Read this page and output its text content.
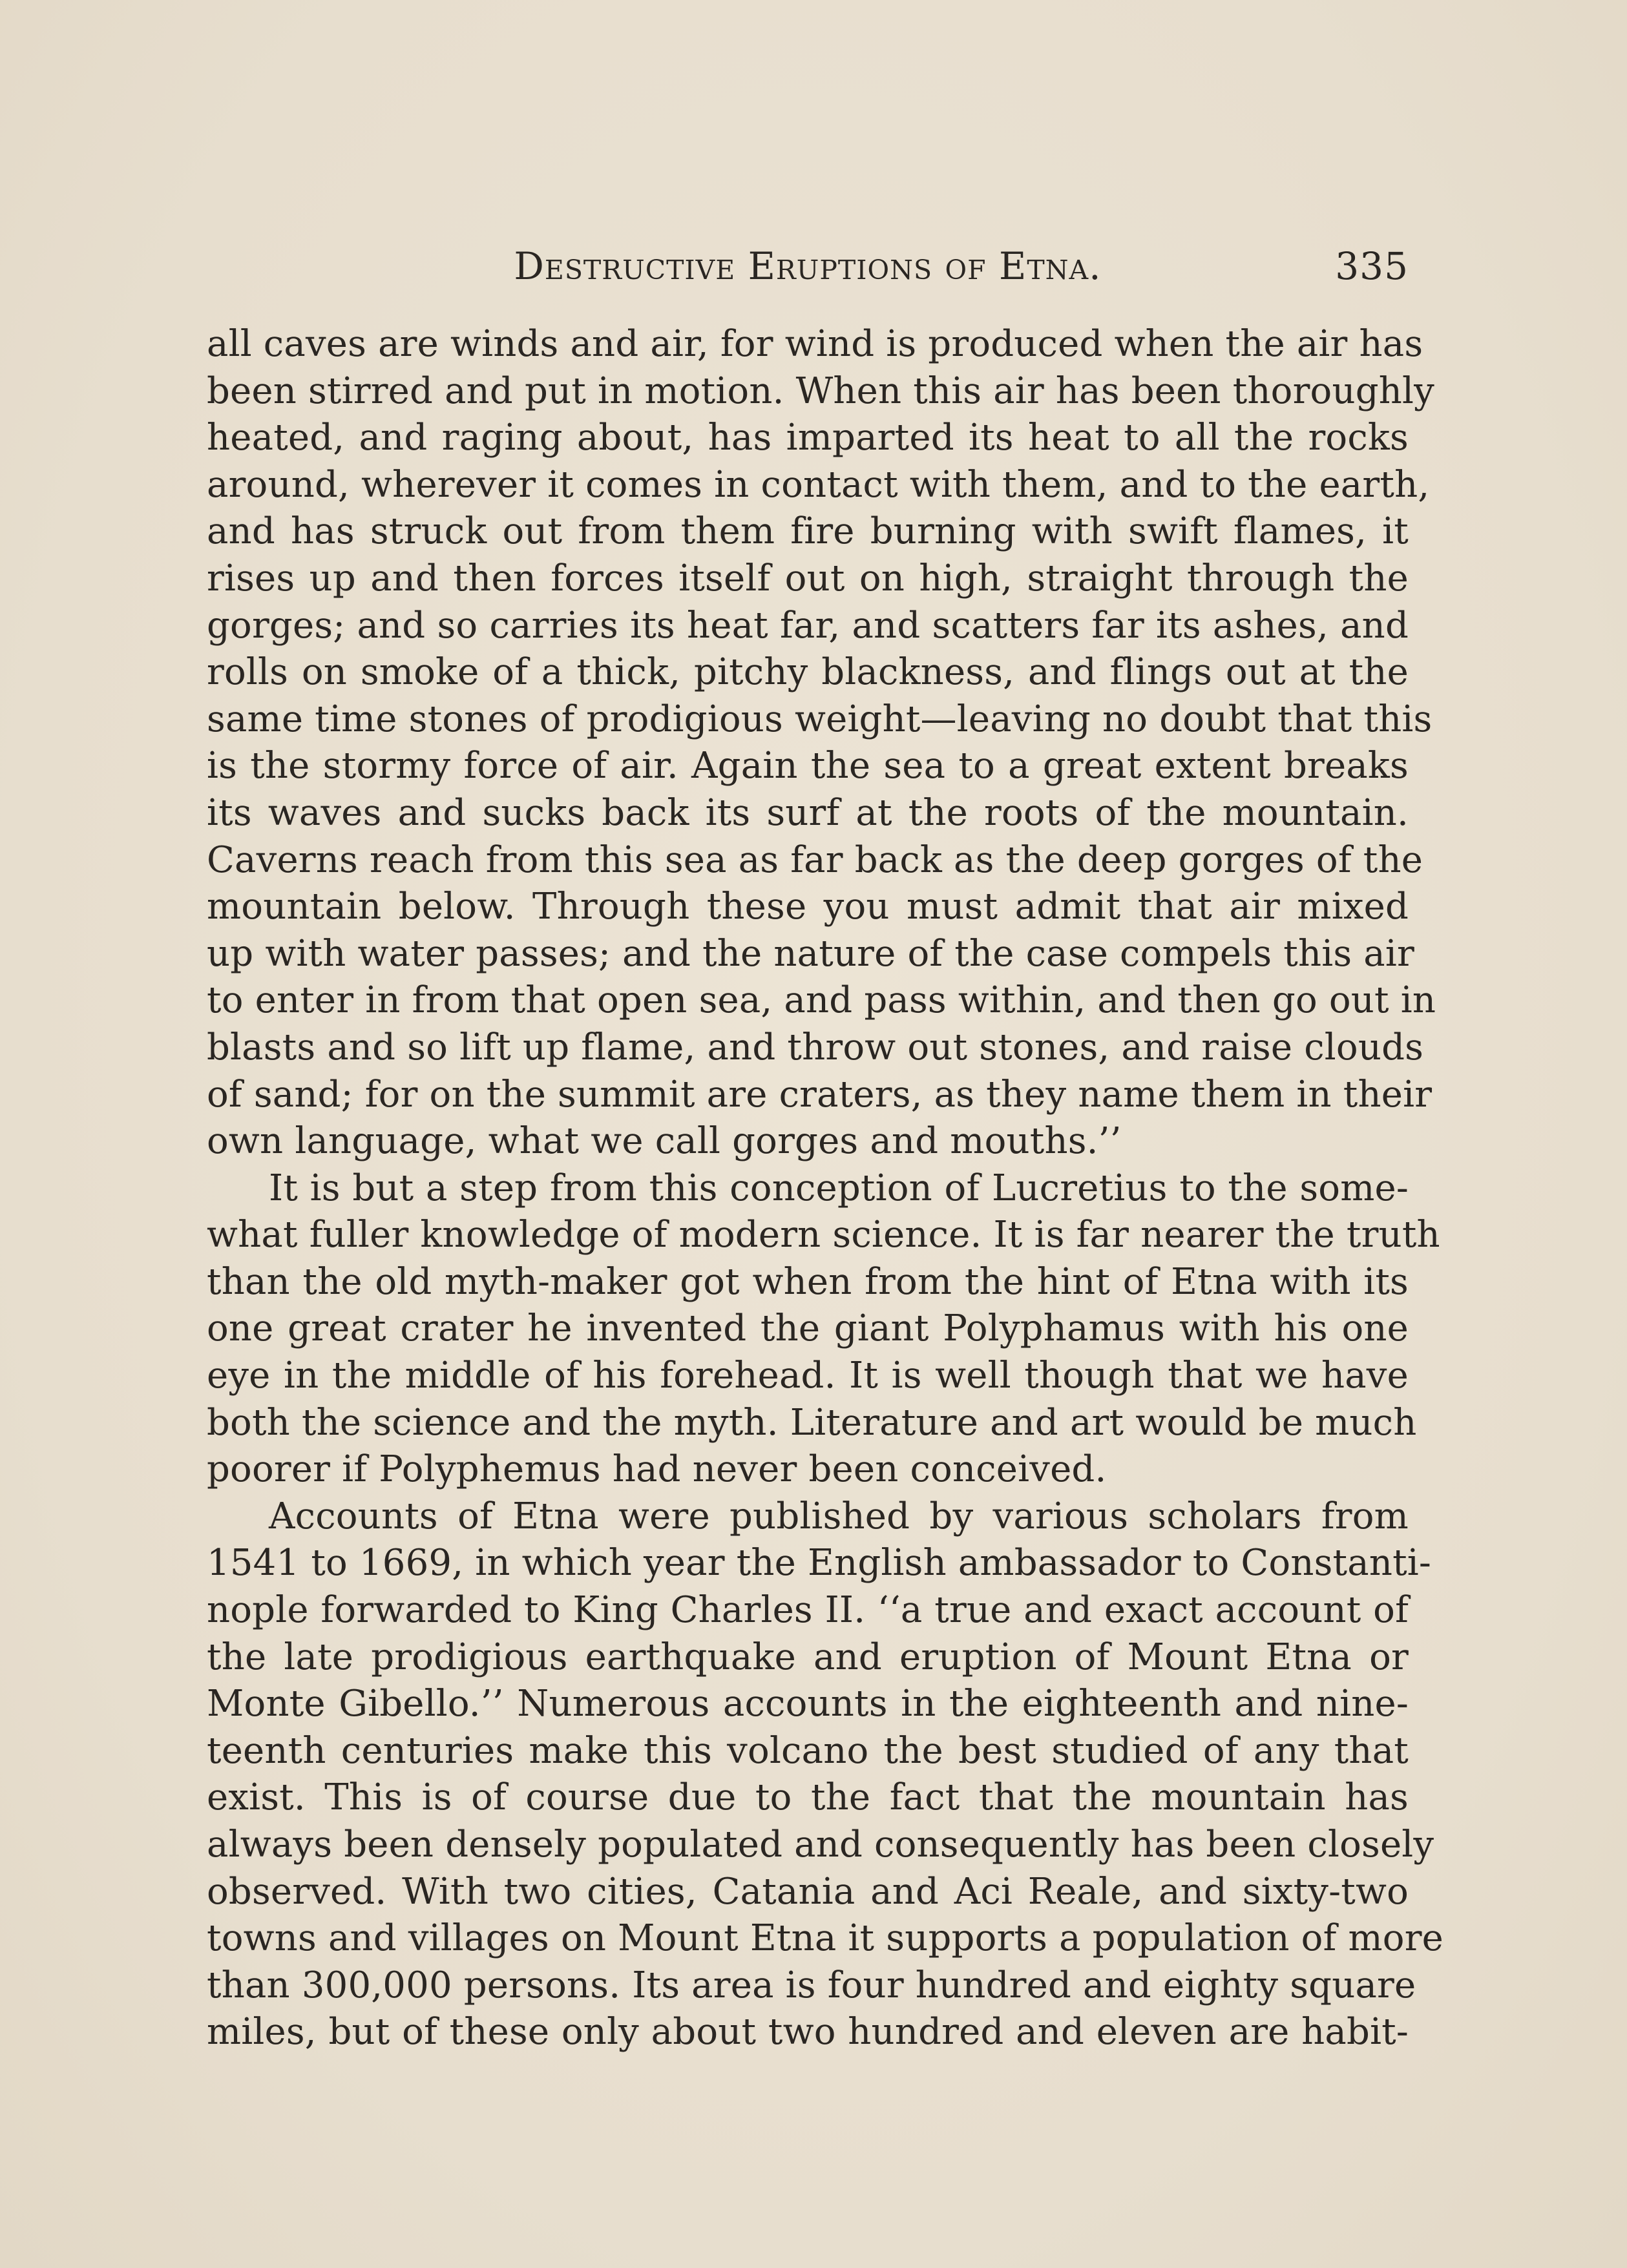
Destructive Eruptions of Etna.	335
all caves are winds and air, for wind is produced when the air has
been stirred and put in motion. When this air has been thoroughly
heated, and raging about, has imparted its heat to all the rocks
around, wherever it comes in contact with them, and to the earth,
and has struck out from them fire burning with swift flames, it
rises up and then forces itself out on high, straight through the
gorges; and so carries its heat far, and scatters far its ashes, and
rolls on smoke of a thick, pitchy blackness, and flings out at the
same time stones of prodigious weight—leaving no doubt that this
is the stormy force of air. Again the sea to a great extent breaks
its waves and sucks back its surf at the roots of the mountain.
Caverns reach from this sea as far back as the deep gorges of the
mountain below. Through these you must admit that air mixed
up with water passes; and the nature of the case compels this air
to enter in from that open sea, and pass within, and then go out in
blasts and so lift up flame, and throw out stones, and raise clouds
of sand; for on the summit are craters, as they name them in their
own language, what we call gorges and mouths.’’
It is but a step from this conception of Lucretius to the some-
what fuller knowledge of modern science. It is far nearer the truth
than the old myth-maker got when from the hint of Etna with its
one great crater he invented the giant Polyphamus with his one
eye in the middle of his forehead. It is well though that we have
both the science and the myth. Literature and art would be much
poorer if Polyphemus had never been conceived.
Accounts of Etna were published by various scholars from
1541 to 1669, in which year the English ambassador to Constanti-
nople forwarded to King Charles II. ‘‘a true and exact account of
the late prodigious earthquake and eruption of Mount Etna or
Monte Gibello.’’ Numerous accounts in the eighteenth and nine-
teenth centuries make this volcano the best studied of any that
exist. This is of course due to the fact that the mountain has
always been densely populated and consequently has been closely
observed. With two cities, Catania and Aci Reale, and sixty-two
towns and villages on Mount Etna it supports a population of more
than 300,000 persons. Its area is four hundred and eighty square
miles, but of these only about two hundred and eleven are habit-
